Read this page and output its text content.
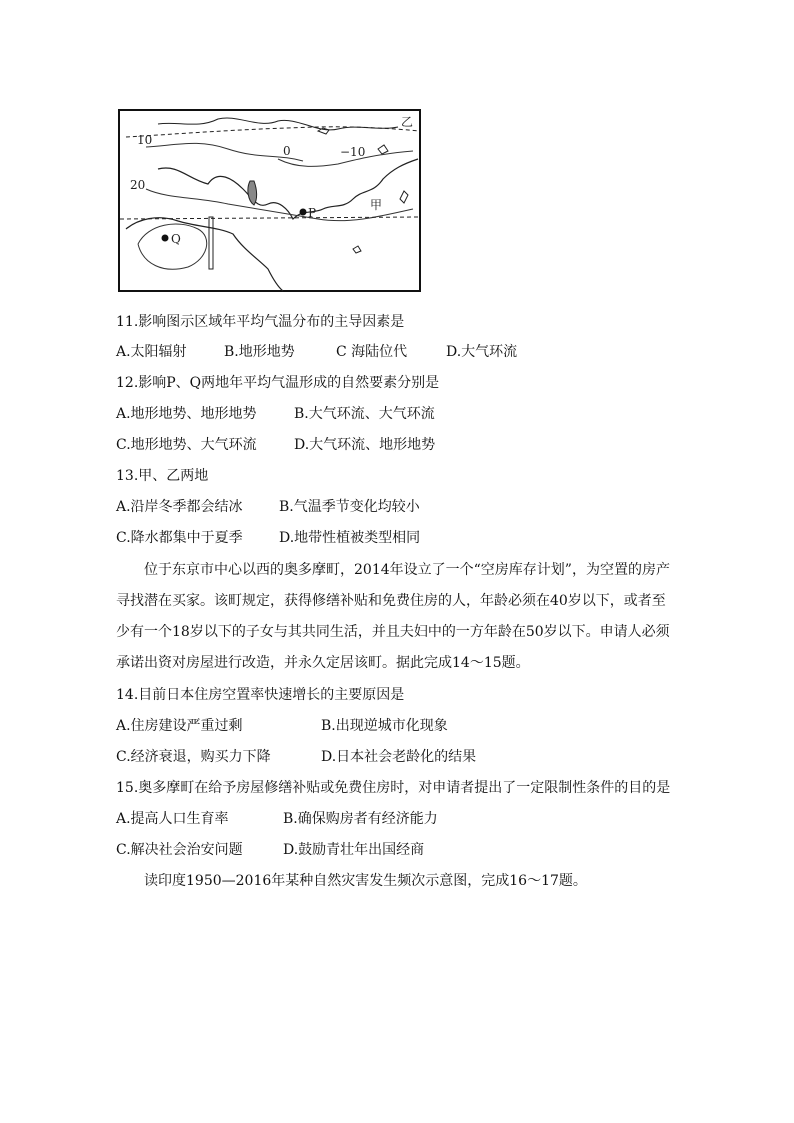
10
20
0	−10
P
Q
甲
乙
11.影响图示区域年平均气温分布的主导因素是
A.太阳辐射	B.地形地势	C 海陆位代	D.大气环流
12.影响P、Q两地年平均气温形成的自然要素分别是
A.地形地势、地形地势	B.大气环流、大气环流
C.地形地势、大气环流	D.大气环流、地形地势
13.甲、乙两地
A.沿岸冬季都会结冰	B.气温季节变化均较小
C.降水都集中于夏季	D.地带性植被类型相同
位于东京市中心以西的奥多摩町，2014年设立了一个“空房库存计划”，为空置的房产寻找潜在买家。该町规定，获得修缮补贴和免费住房的人，年龄必须在40岁以下，或者至少有一个18岁以下的子女与其共同生活，并且夫妇中的一方年龄在50岁以下。申请人必须承诺出资对房屋进行改造，并永久定居该町。据此完成14～15题。
14.目前日本住房空置率快速增长的主要原因是
A.住房建设严重过剩	B.出现逆城市化现象
C.经济衰退，购买力下降	D.日本社会老龄化的结果
15.奥多摩町在给予房屋修缮补贴或免费住房时，对申请者提出了一定限制性条件的目的是
A.提高人口生育率	B.确保购房者有经济能力
C.解决社会治安问题	D.鼓励青壮年出国经商
读印度1950—2016年某种自然灾害发生频次示意图，完成16～17题。
